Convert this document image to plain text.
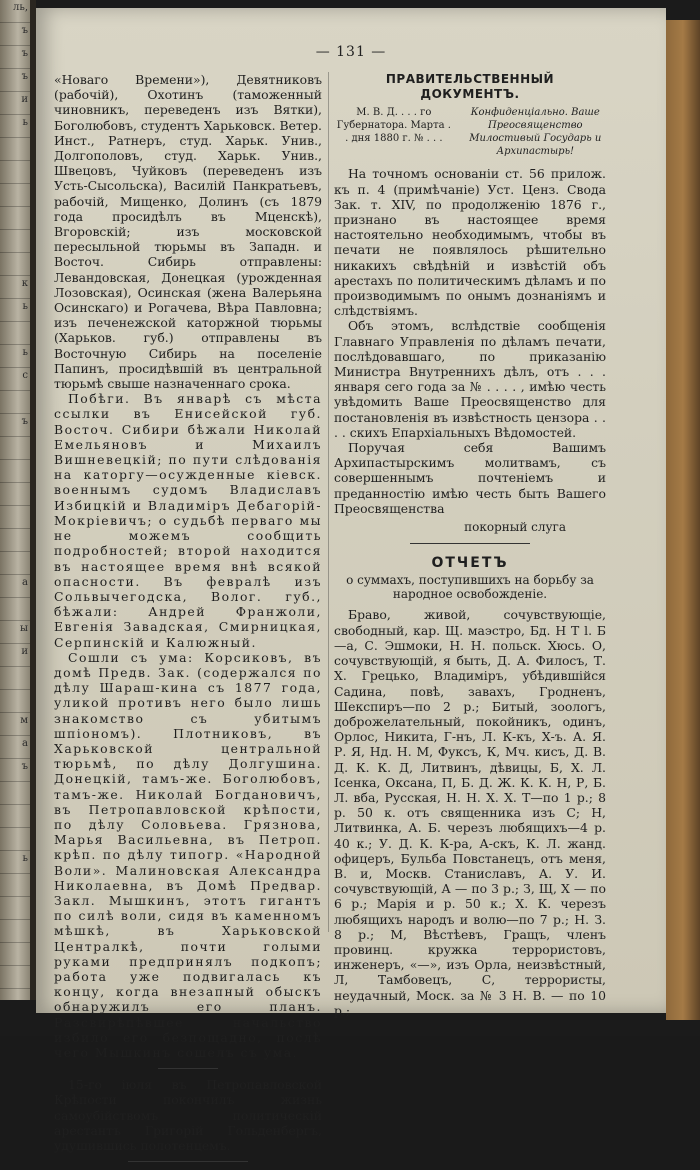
ль,
ъ
ъ
ъ
и
ь
к
ь
ь
с
ъ
а
ы
и
м
а
ъ
ь
— 131 —

«Новаго Времени»), Девятниковъ (рабочій), Охотинъ (таможенный чиновникъ, переведенъ изъ Вятки), Боголюбовъ, студентъ Харьковск. Ветер. Инст., Ратнеръ, студ. Харьк. Унив., Долгополовъ, студ. Харьк. Унив., Швецовъ, Чуйковъ (переведенъ изъ Усть-Сысольска), Василій Панкратьевъ, рабочій, Мищенко, Долинъ (съ 1879 года просидѣлъ въ Мценскѣ), Вгоровскій; изъ московской пересыльной тюрьмы въ Западн. и Восточ. Сибирь отправлены: Левандовская, Донецкая (урожденная Лозовская), Осинская (жена Валерьяна Осинскаго) и Рогачева, Вѣра Павловна; изъ печенежской каторжной тюрьмы (Харьков. губ.) отправлены въ Восточную Сибирь на поселеніе Папинъ, просидѣвшій въ центральной тюрьмѣ свыше назначеннаго срока.

Побѣги. Въ январѣ съ мѣста ссылки въ Енисейской губ. Восточ. Сибири бѣжали Николай Емельяновъ и Михаилъ Вишневецкій; по пути слѣдованія на каторгу—осужденные кіевск. военнымъ судомъ Владиславъ Избицкій и Владиміръ Дебагорій-Мокріевичъ; о судьбѣ перваго мы не можемъ сообщить подробностей; второй находится въ настоящее время внѣ всякой опасности. Въ февралѣ изъ Сольвычегодска, Волог. губ., бѣжали: Андрей Франжоли, Евгенія Завадская, Смирницкая, Серпинскій и Калюжный.

Сошли съ ума: Корсиковъ, въ домѣ Предв. Зак. (содержался по дѣлу Шараш-кина съ 1877 года, уликой противъ него было лишь знакомство съ убитымъ шпіономъ). Плотниковъ, въ Харьковской центральной тюрьмѣ, по дѣлу Долгушина. Донецкій, тамъ-же. Боголюбовъ, тамъ-же. Николай Богдановичъ, въ Петропавловской крѣпости, по дѣлу Соловьева. Грязнова, Марья Васильевна, въ Петроп. крѣп. по дѣлу типогр. «Народной Воли». Малиновская Александра Николаевна, въ Домѣ Предвар. Закл. Мышкинъ, этотъ гигантъ по силѣ воли, сидя въ каменномъ мѣшкѣ, въ Харьковской Централкѣ, почти голыми руками предпринялъ подкопъ; работа уже подвигалась къ концу, когда внезапный обыскъ обнаружилъ его планъ. Разсвирѣпѣвшее начальство избило его безпощадно, послѣ чего Мышкинъ сошелъ съ ума.

15-го іюля въ Петропавловской Крѣпости покончилъ жизнь самоубійствомъ политическій арестантъ Григорій Гольденбергъ, удушившись полотенцемъ.

ПРАВИТЕЛЬСТВЕННЫЙ ДОКУМЕНТЪ.
М. В. Д. . . . го Губернатора. Марта . . дня 1880 г. № . . .
Конфиденціально. Ваше Преосвященство Милостивый Государь и Архипастырь!

На точномъ основаніи ст. 56 прилож. къ п. 4 (примѣчаніе) Уст. Ценз. Свода Зак. т. XIV, по продолженію 1876 г., признано въ настоящее время настоятельно необходимымъ, чтобы въ печати не появлялось рѣшительно никакихъ свѣдѣній и извѣстій объ арестахъ по политическимъ дѣламъ и по производимымъ по онымъ дознаніямъ и слѣдствіямъ.

Объ этомъ, вслѣдствіе сообщенія Главнаго Управленія по дѣламъ печати, послѣдовавшаго, по приказанію Министра Внутреннихъ дѣлъ, отъ . . . января сего года за № . . . . , имѣю честь увѣдомить Ваше Преосвященство для постановленія въ извѣстность цензора . . . . скихъ Епархіальныхъ Вѣдомостей.

Поручая себя Вашимъ Архипастырскимъ молитвамъ, съ совершеннымъ почтеніемъ и преданностію имѣю честь быть Вашего Преосвященства

покорный слуга
ОТЧЕТЪ
о суммахъ, поступившихъ на борьбу за народное освобожденіе.

Браво, живой, сочувствующіе, свободный, кар. Щ. маэстро, Бд. Н Т l. Б—а, С. Эшмоки, Н. Н. польск. Хюсь. О, сочувствующій, я быть, Д. А. Филосъ, Т. Х. Грецько, Владиміръ, убѣдившійся Садина, повѣ, завахъ, Гродненъ, Шекспиръ—по 2 р.; Битый, зоологъ, доброжелательный, покойникъ, одинъ, Орлос, Никита, Г-нъ, Л. К-къ, Х-ъ. А. Я. Р. Я, Нд. Н. М, Фуксъ, К, Мч. кисъ, Д. В. Д. К. К. Д, Литвинъ, дѣвицы, Б, Х. Л. Ісенка, Оксана, П, Б. Д. Ж. К. К. Н, Р, Б. Л. вба, Русская, Н. Н. Х. Х. Т—по 1 р.; 8 р. 50 к. отъ священника изъ С; Н, Литвинка, А. Б. черезъ любящихъ—4 р. 40 к.; У. Д. К. К-ра, А-скъ, К. Л. жанд. офицеръ, Бульба Повстанецъ, отъ меня, В. и, Москв. Станиславъ, А. У. И. сочувствующій, А — по 3 р.; З, Щ, Х — по 6 р.; Марія и р. 50 к.; Х. К. черезъ любящихъ народъ и волю—по 7 р.; Н. З. 8 р.; М, Вѣстѣевъ, Гращъ, членъ провинц. кружка террористовъ, инженеръ, «—», изъ Орла, неизвѣстный, Л, Тамбовецъ, С, террористы, неудачный, Моск. за № 3 Н. В. — по 10 р.;
